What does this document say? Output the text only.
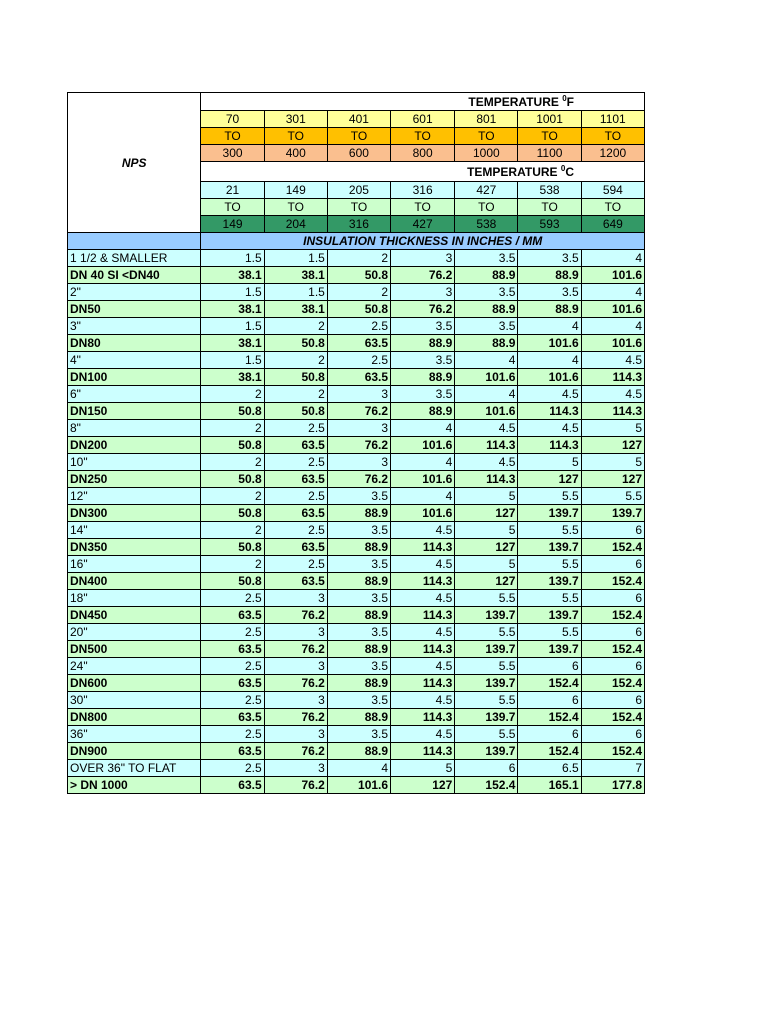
NPS	TEMPERATURE $^0$F						
	70	301	401	601	801	1001	1101
	TO	TO	TO	TO	TO	TO	TO
	300	400	600	800	1000	1100	1200
	TEMPERATURE $^0$C						
	21	149	205	316	427	538	594
	TO	TO	TO	TO	TO	TO	TO
	149	204	316	427	538	593	649
	INSULATION THICKNESS IN INCHES / MM						
1 1/2 & SMALLER	1.5	1.5	2	3	3.5	3.5	4
DN 40 SI <DN40	38.1	38.1	50.8	76.2	88.9	88.9	101.6
2"	1.5	1.5	2	3	3.5	3.5	4
DN50	38.1	38.1	50.8	76.2	88.9	88.9	101.6
3"	1.5	2	2.5	3.5	3.5	4	4
DN80	38.1	50.8	63.5	88.9	88.9	101.6	101.6
4"	1.5	2	2.5	3.5	4	4	4.5
DN100	38.1	50.8	63.5	88.9	101.6	101.6	114.3
6"	2	2	3	3.5	4	4.5	4.5
DN150	50.8	50.8	76.2	88.9	101.6	114.3	114.3
8"	2	2.5	3	4	4.5	4.5	5
DN200	50.8	63.5	76.2	101.6	114.3	114.3	127
10"	2	2.5	3	4	4.5	5	5
DN250	50.8	63.5	76.2	101.6	114.3	127	127
12"	2	2.5	3.5	4	5	5.5	5.5
DN300	50.8	63.5	88.9	101.6	127	139.7	139.7
14"	2	2.5	3.5	4.5	5	5.5	6
DN350	50.8	63.5	88.9	114.3	127	139.7	152.4
16"	2	2.5	3.5	4.5	5	5.5	6
DN400	50.8	63.5	88.9	114.3	127	139.7	152.4
18"	2.5	3	3.5	4.5	5.5	5.5	6
DN450	63.5	76.2	88.9	114.3	139.7	139.7	152.4
20"	2.5	3	3.5	4.5	5.5	5.5	6
DN500	63.5	76.2	88.9	114.3	139.7	139.7	152.4
24"	2.5	3	3.5	4.5	5.5	6	6
DN600	63.5	76.2	88.9	114.3	139.7	152.4	152.4
30"	2.5	3	3.5	4.5	5.5	6	6
DN800	63.5	76.2	88.9	114.3	139.7	152.4	152.4
36"	2.5	3	3.5	4.5	5.5	6	6
DN900	63.5	76.2	88.9	114.3	139.7	152.4	152.4
OVER 36" TO FLAT	2.5	3	4	5	6	6.5	7
> DN 1000	63.5	76.2	101.6	127	152.4	165.1	177.8
